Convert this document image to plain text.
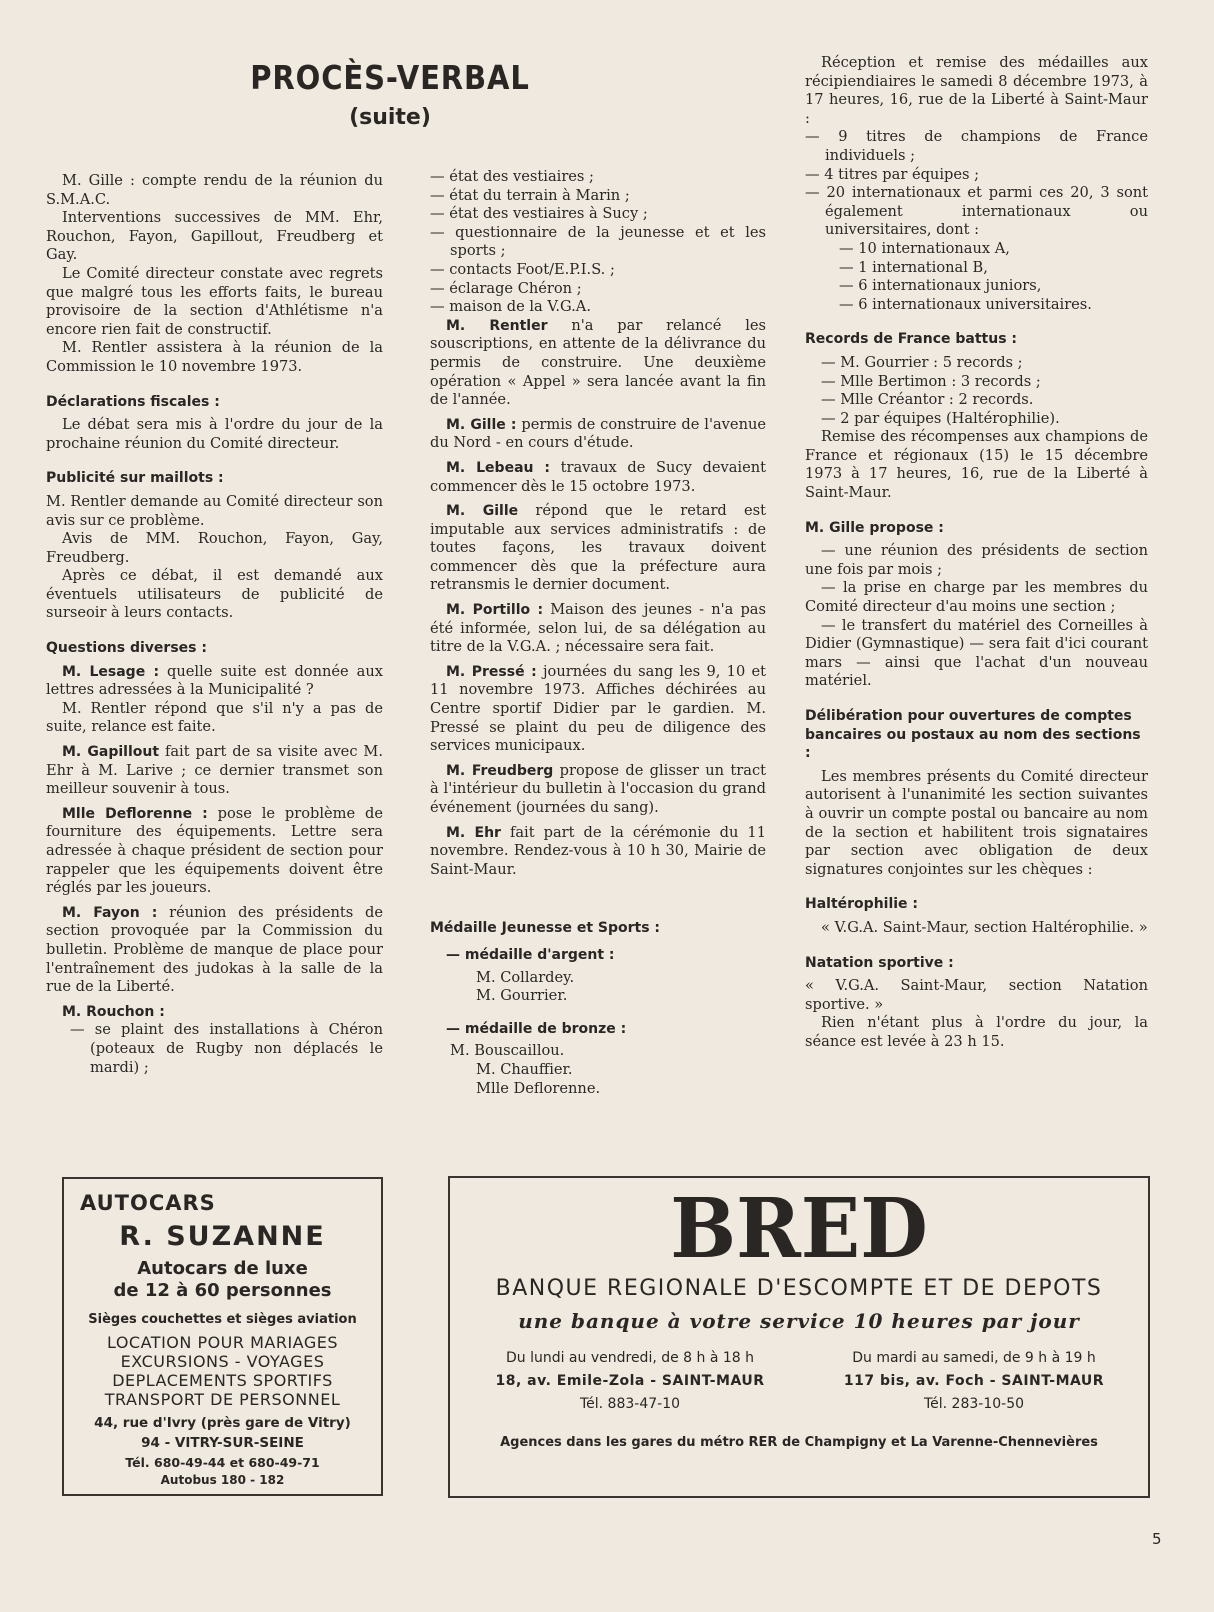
PROCÈS-VERBAL
(suite)

M. Gille : compte rendu de la réunion du S.M.A.C.

Interventions successives de MM. Ehr, Rouchon, Fayon, Gapillout, Freudberg et Gay.

Le Comité directeur constate avec regrets que malgré tous les efforts faits, le bureau provisoire de la section d'Athlétisme n'a encore rien fait de constructif.

M. Rentler assistera à la réunion de la Commission le 10 novembre 1973.

Déclarations fiscales :

Le débat sera mis à l'ordre du jour de la prochaine réunion du Comité directeur.

Publicité sur maillots :

M. Rentler demande au Comité directeur son avis sur ce problème.

Avis de MM. Rouchon, Fayon, Gay, Freudberg.

Après ce débat, il est demandé aux éventuels utilisateurs de publicité de surseoir à leurs contacts.

Questions diverses :

M. Lesage : quelle suite est donnée aux lettres adressées à la Municipalité ?

M. Rentler répond que s'il n'y a pas de suite, relance est faite.

M. Gapillout fait part de sa visite avec M. Ehr à M. Larive ; ce dernier transmet son meilleur souvenir à tous.

Mlle Deflorenne : pose le problème de fourniture des équipements. Lettre sera adressée à chaque président de section pour rappeler que les équipements doivent être réglés par les joueurs.

M. Fayon : réunion des présidents de section provoquée par la Commission du bulletin. Problème de manque de place pour l'entraînement des judokas à la salle de la rue de la Liberté.

M. Rouchon :

— se plaint des installations à Chéron (poteaux de Rugby non déplacés le mardi) ;

— état des vestiaires ;

— état du terrain à Marin ;

— état des vestiaires à Sucy ;

— questionnaire de la jeunesse et et les sports ;

— contacts Foot/E.P.I.S. ;

— éclarage Chéron ;

— maison de la V.G.A.

M. Rentler n'a par relancé les souscriptions, en attente de la délivrance du permis de construire. Une deuxième opération « Appel » sera lancée avant la fin de l'année.

M. Gille : permis de construire de l'avenue du Nord - en cours d'étude.

M. Lebeau : travaux de Sucy devaient commencer dès le 15 octobre 1973.

M. Gille répond que le retard est imputable aux services administratifs : de toutes façons, les travaux doivent commencer dès que la préfecture aura retransmis le dernier document.

M. Portillo : Maison des jeunes - n'a pas été informée, selon lui, de sa délégation au titre de la V.G.A. ; nécessaire sera fait.

M. Pressé : journées du sang les 9, 10 et 11 novembre 1973. Affiches déchirées au Centre sportif Didier par le gardien. M. Pressé se plaint du peu de diligence des services municipaux.

M. Freudberg propose de glisser un tract à l'intérieur du bulletin à l'occasion du grand événement (journées du sang).

M. Ehr fait part de la cérémonie du 11 novembre. Rendez-vous à 10 h 30, Mairie de Saint-Maur.

Médaille Jeunesse et Sports :
— médaille d'argent :

M. Collardey.

M. Gourrier.

— médaille de bronze :

M. Bouscaillou.

M. Chauffier.

Mlle Deflorenne.

Réception et remise des médailles aux récipiendiaires le samedi 8 décembre 1973, à 17 heures, 16, rue de la Liberté à Saint-Maur :

— 9 titres de champions de France individuels ;

— 4 titres par équipes ;

— 20 internationaux et parmi ces 20, 3 sont également internationaux ou universitaires, dont :

— 10 internationaux A,

— 1 international B,

— 6 internationaux juniors,

— 6 internationaux universitaires.

Records de France battus :

— M. Gourrier : 5 records ;

— Mlle Bertimon : 3 records ;

— Mlle Créantor : 2 records.

— 2 par équipes (Haltérophilie).

Remise des récompenses aux champions de France et régionaux (15) le 15 décembre 1973 à 17 heures, 16, rue de la Liberté à Saint-Maur.

M. Gille propose :

— une réunion des présidents de section une fois par mois ;

— la prise en charge par les membres du Comité directeur d'au moins une section ;

— le transfert du matériel des Corneilles à Didier (Gymnastique) — sera fait d'ici courant mars — ainsi que l'achat d'un nouveau matériel.

Délibération pour ouvertures de comptes bancaires ou postaux au nom des sections :

Les membres présents du Comité directeur autorisent à l'unanimité les section suivantes à ouvrir un compte postal ou bancaire au nom de la section et habilitent trois signataires par section avec obligation de deux signatures conjointes sur les chèques :

Haltérophilie :

« V.G.A. Saint-Maur, section Haltérophilie. »

Natation sportive :

« V.G.A. Saint-Maur, section Natation sportive. »

Rien n'étant plus à l'ordre du jour, la séance est levée à 23 h 15.

AUTOCARS
R. SUZANNE
Autocars de luxe
de 12 à 60 personnes
Sièges couchettes et sièges aviation
LOCATION POUR MARIAGES
EXCURSIONS - VOYAGES
DEPLACEMENTS SPORTIFS
TRANSPORT DE PERSONNEL
44, rue d'Ivry (près gare de Vitry)
94 - VITRY-SUR-SEINE
Tél. 680-49-44 et 680-49-71
Autobus 180 - 182
BRED
BANQUE REGIONALE D'ESCOMPTE ET DE DEPOTS
une banque à votre service 10 heures par jour
Du lundi au vendredi, de 8 h à 18 h
18, av. Emile-Zola - SAINT-MAUR
Tél. 883-47-10
Du mardi au samedi, de 9 h à 19 h
117 bis, av. Foch - SAINT-MAUR
Tél. 283-10-50
Agences dans les gares du métro RER de Champigny et La Varenne-Chennevières
5
